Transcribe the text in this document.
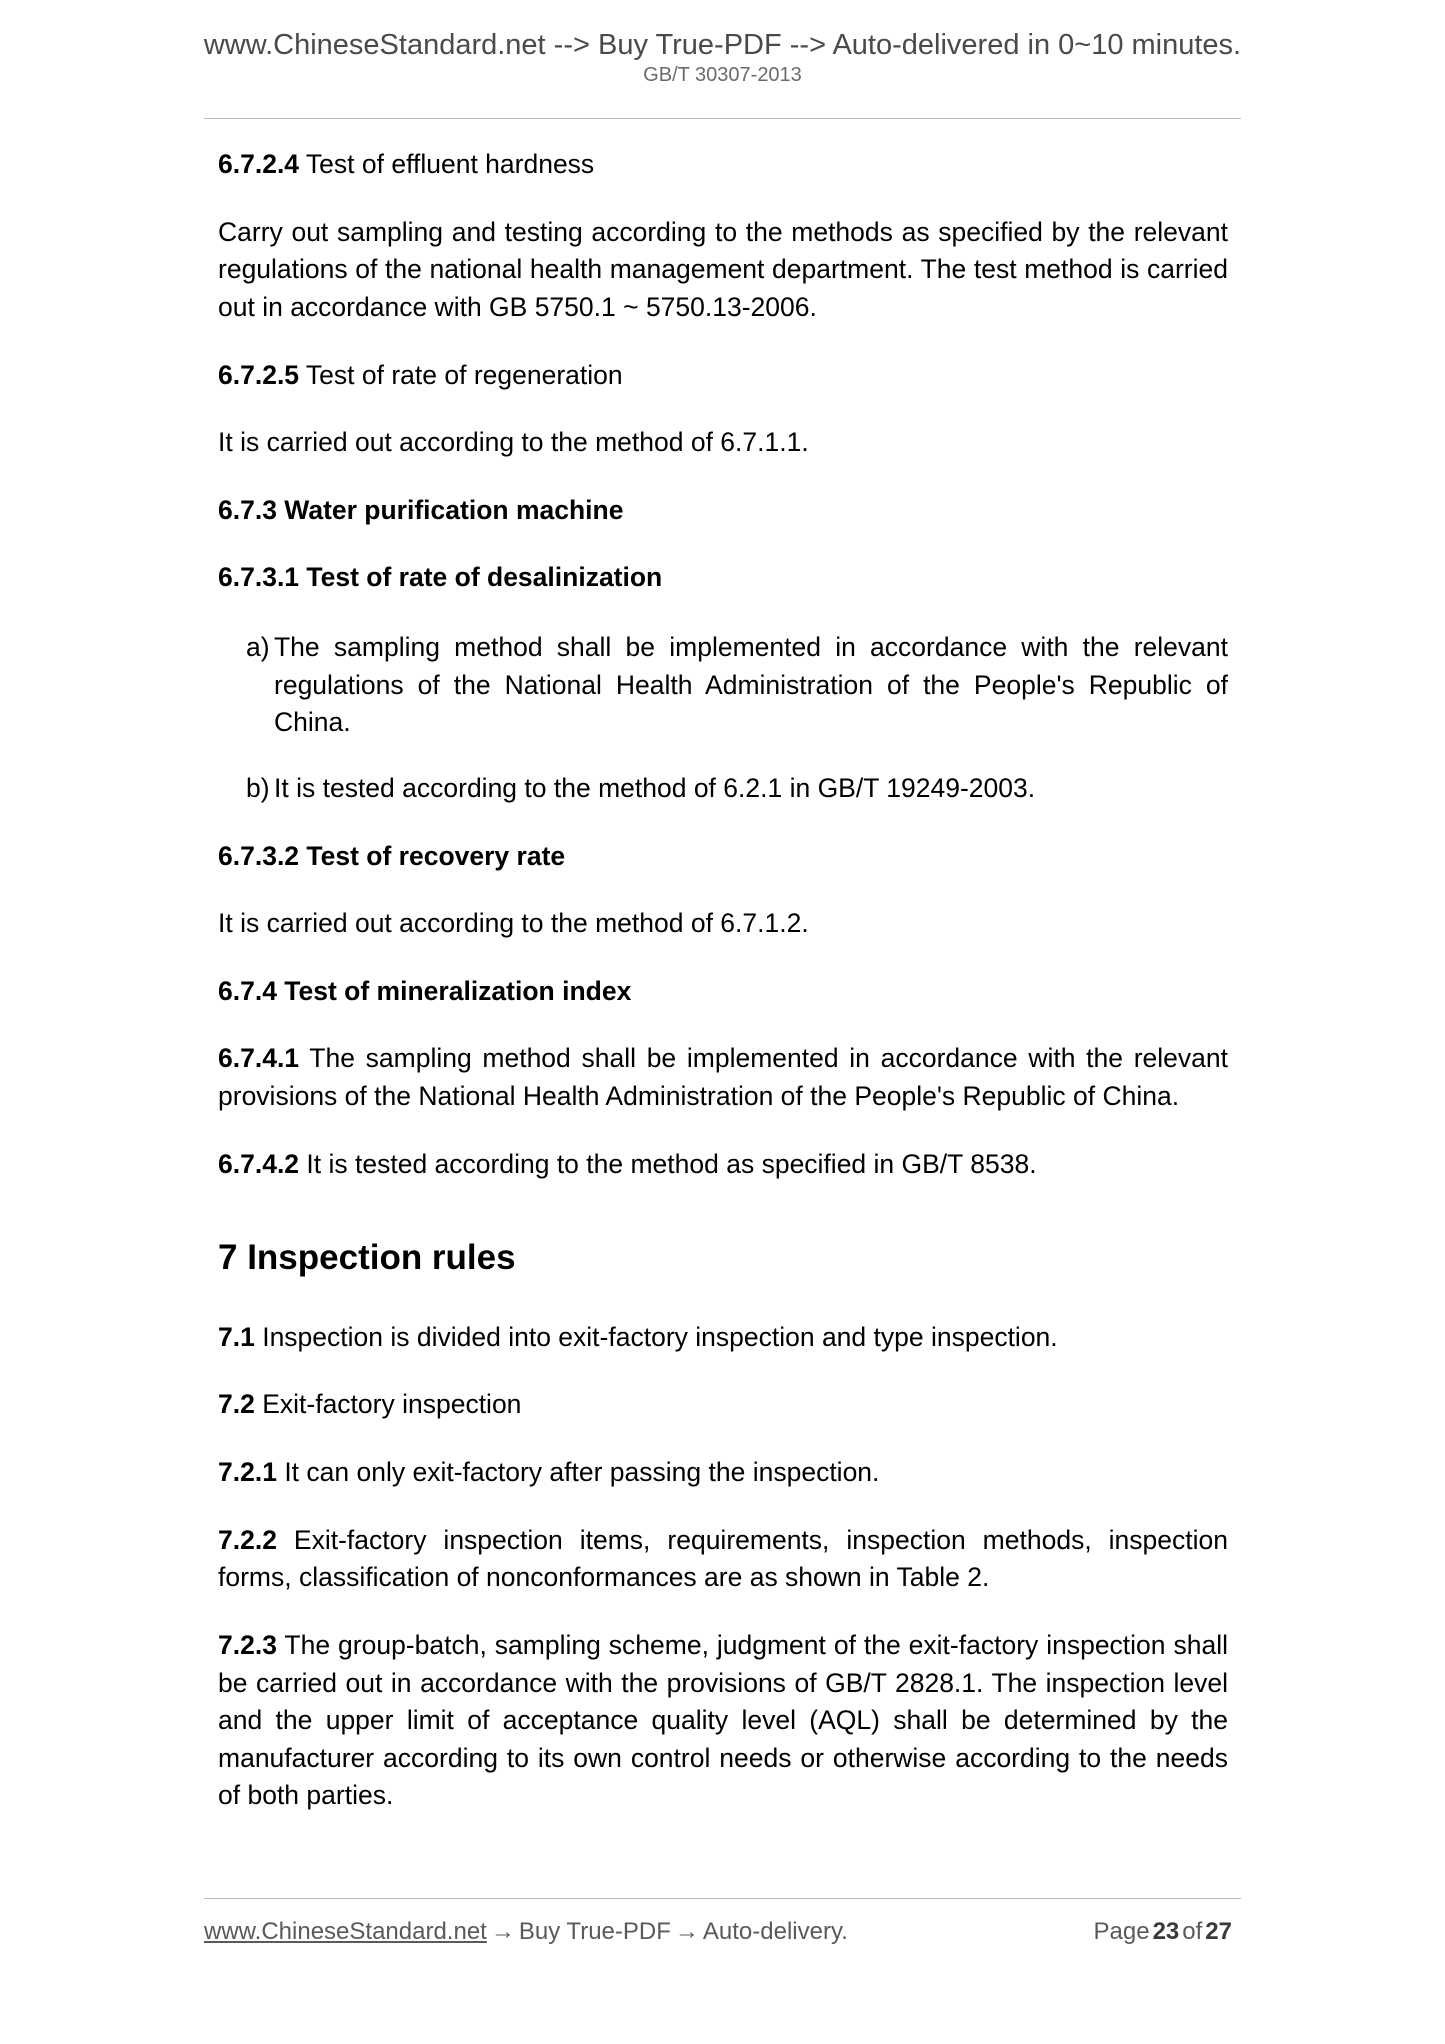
www.ChineseStandard.net --> Buy True-PDF --> Auto-delivered in 0~10 minutes.
GB/T 30307-2013

6.7.2.4 Test of effluent hardness

Carry out sampling and testing according to the methods as specified by the relevant regulations of the national health management department. The test method is carried out in accordance with GB 5750.1 ~ 5750.13-2006.

6.7.2.5 Test of rate of regeneration

It is carried out according to the method of 6.7.1.1.

6.7.3 Water purification machine
6.7.3.1 Test of rate of desalinization
a) The sampling method shall be implemented in accordance with the relevant regulations of the National Health Administration of the People's Republic of China.
b) It is tested according to the method of 6.2.1 in GB/T 19249-2003.
6.7.3.2 Test of recovery rate

It is carried out according to the method of 6.7.1.2.

6.7.4 Test of mineralization index

6.7.4.1 The sampling method shall be implemented in accordance with the relevant provisions of the National Health Administration of the People's Republic of China.

6.7.4.2 It is tested according to the method as specified in GB/T 8538.

7 Inspection rules

7.1 Inspection is divided into exit-factory inspection and type inspection.

7.2 Exit-factory inspection

7.2.1 It can only exit-factory after passing the inspection.

7.2.2 Exit-factory inspection items, requirements, inspection methods, inspection forms, classification of nonconformances are as shown in Table 2.

7.2.3 The group-batch, sampling scheme, judgment of the exit-factory inspection shall be carried out in accordance with the provisions of GB/T 2828.1. The inspection level and the upper limit of acceptance quality level (AQL) shall be determined by the manufacturer according to its own control needs or otherwise according to the needs of both parties.

www.ChineseStandard.net → Buy True-PDF → Auto-delivery.	Page 23 of 27
